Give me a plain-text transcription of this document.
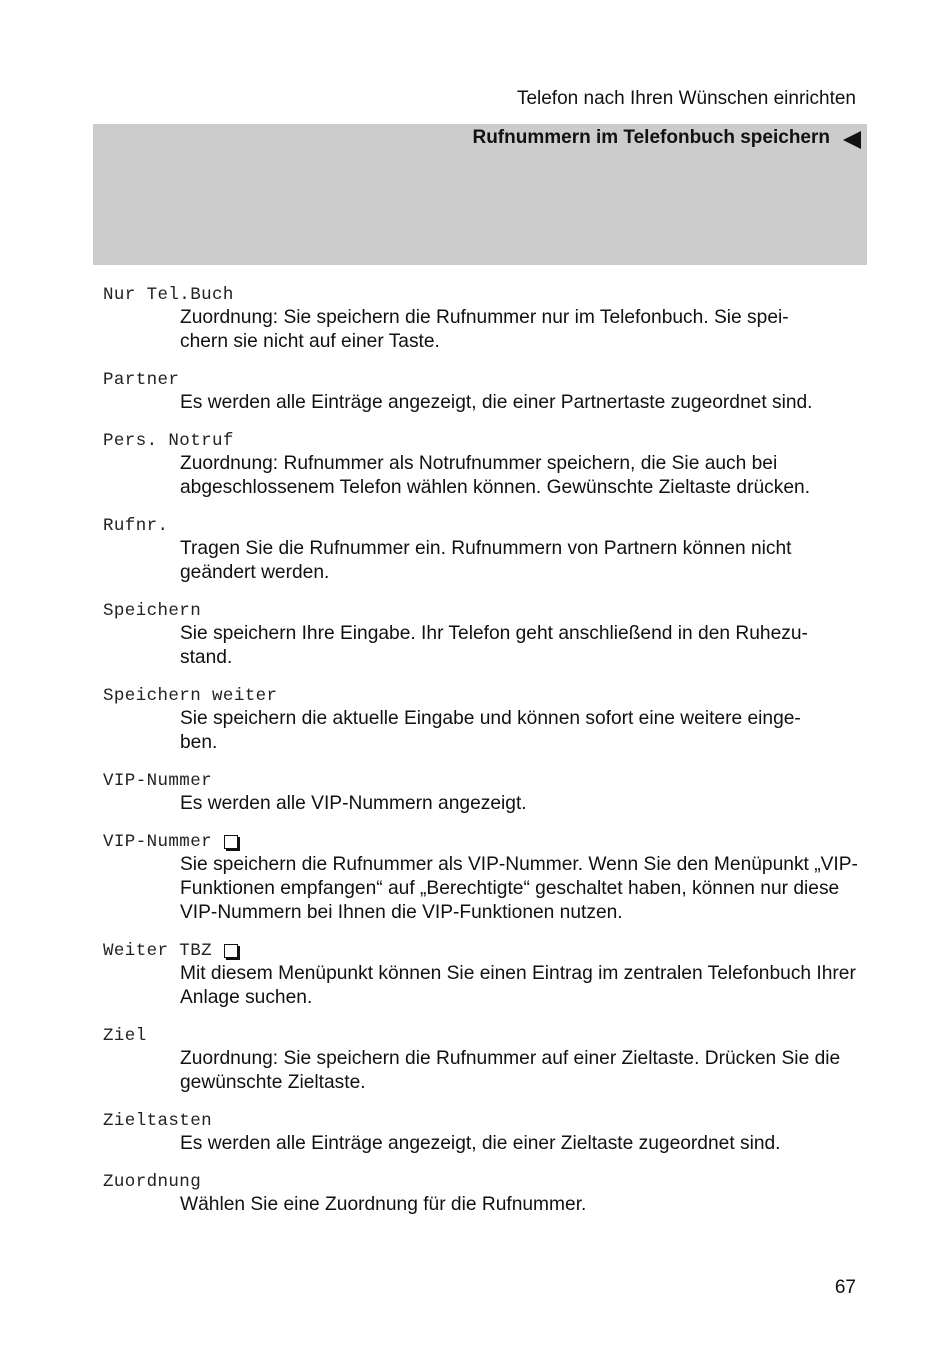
Telefon nach Ihren Wünschen einrichten
Rufnummern im Telefonbuch speichern
Nur Tel.Buch
Zuordnung: Sie speichern die Rufnummer nur im Telefonbuch. Sie spei-
chern sie nicht auf einer Taste.
Partner
Es werden alle Einträge angezeigt, die einer Partnertaste zugeordnet sind.
Pers. Notruf
Zuordnung: Rufnummer als Notrufnummer speichern, die Sie auch bei abgeschlossenem Telefon wählen können. Gewünschte Zieltaste drücken.
Rufnr.
Tragen Sie die Rufnummer ein. Rufnummern von Partnern können nicht geändert werden.
Speichern
Sie speichern Ihre Eingabe. Ihr Telefon geht anschließend in den Ruhezu-
stand.
Speichern weiter
Sie speichern die aktuelle Eingabe und können sofort eine weitere einge-
ben.
VIP-Nummer
Es werden alle VIP-Nummern angezeigt.
VIP-Nummer
Sie speichern die Rufnummer als VIP-Nummer. Wenn Sie den Menüpunkt „VIP-Funktionen empfangen“ auf „Berechtigte“ geschaltet haben, können nur diese VIP-Nummern bei Ihnen die VIP-Funktionen nutzen.
Weiter TBZ
Mit diesem Menüpunkt können Sie einen Eintrag im zentralen Telefonbuch Ihrer Anlage suchen.
Ziel
Zuordnung: Sie speichern die Rufnummer auf einer Zieltaste. Drücken Sie die gewünschte Zieltaste.
Zieltasten
Es werden alle Einträge angezeigt, die einer Zieltaste zugeordnet sind.
Zuordnung
Wählen Sie eine Zuordnung für die Rufnummer.

67
